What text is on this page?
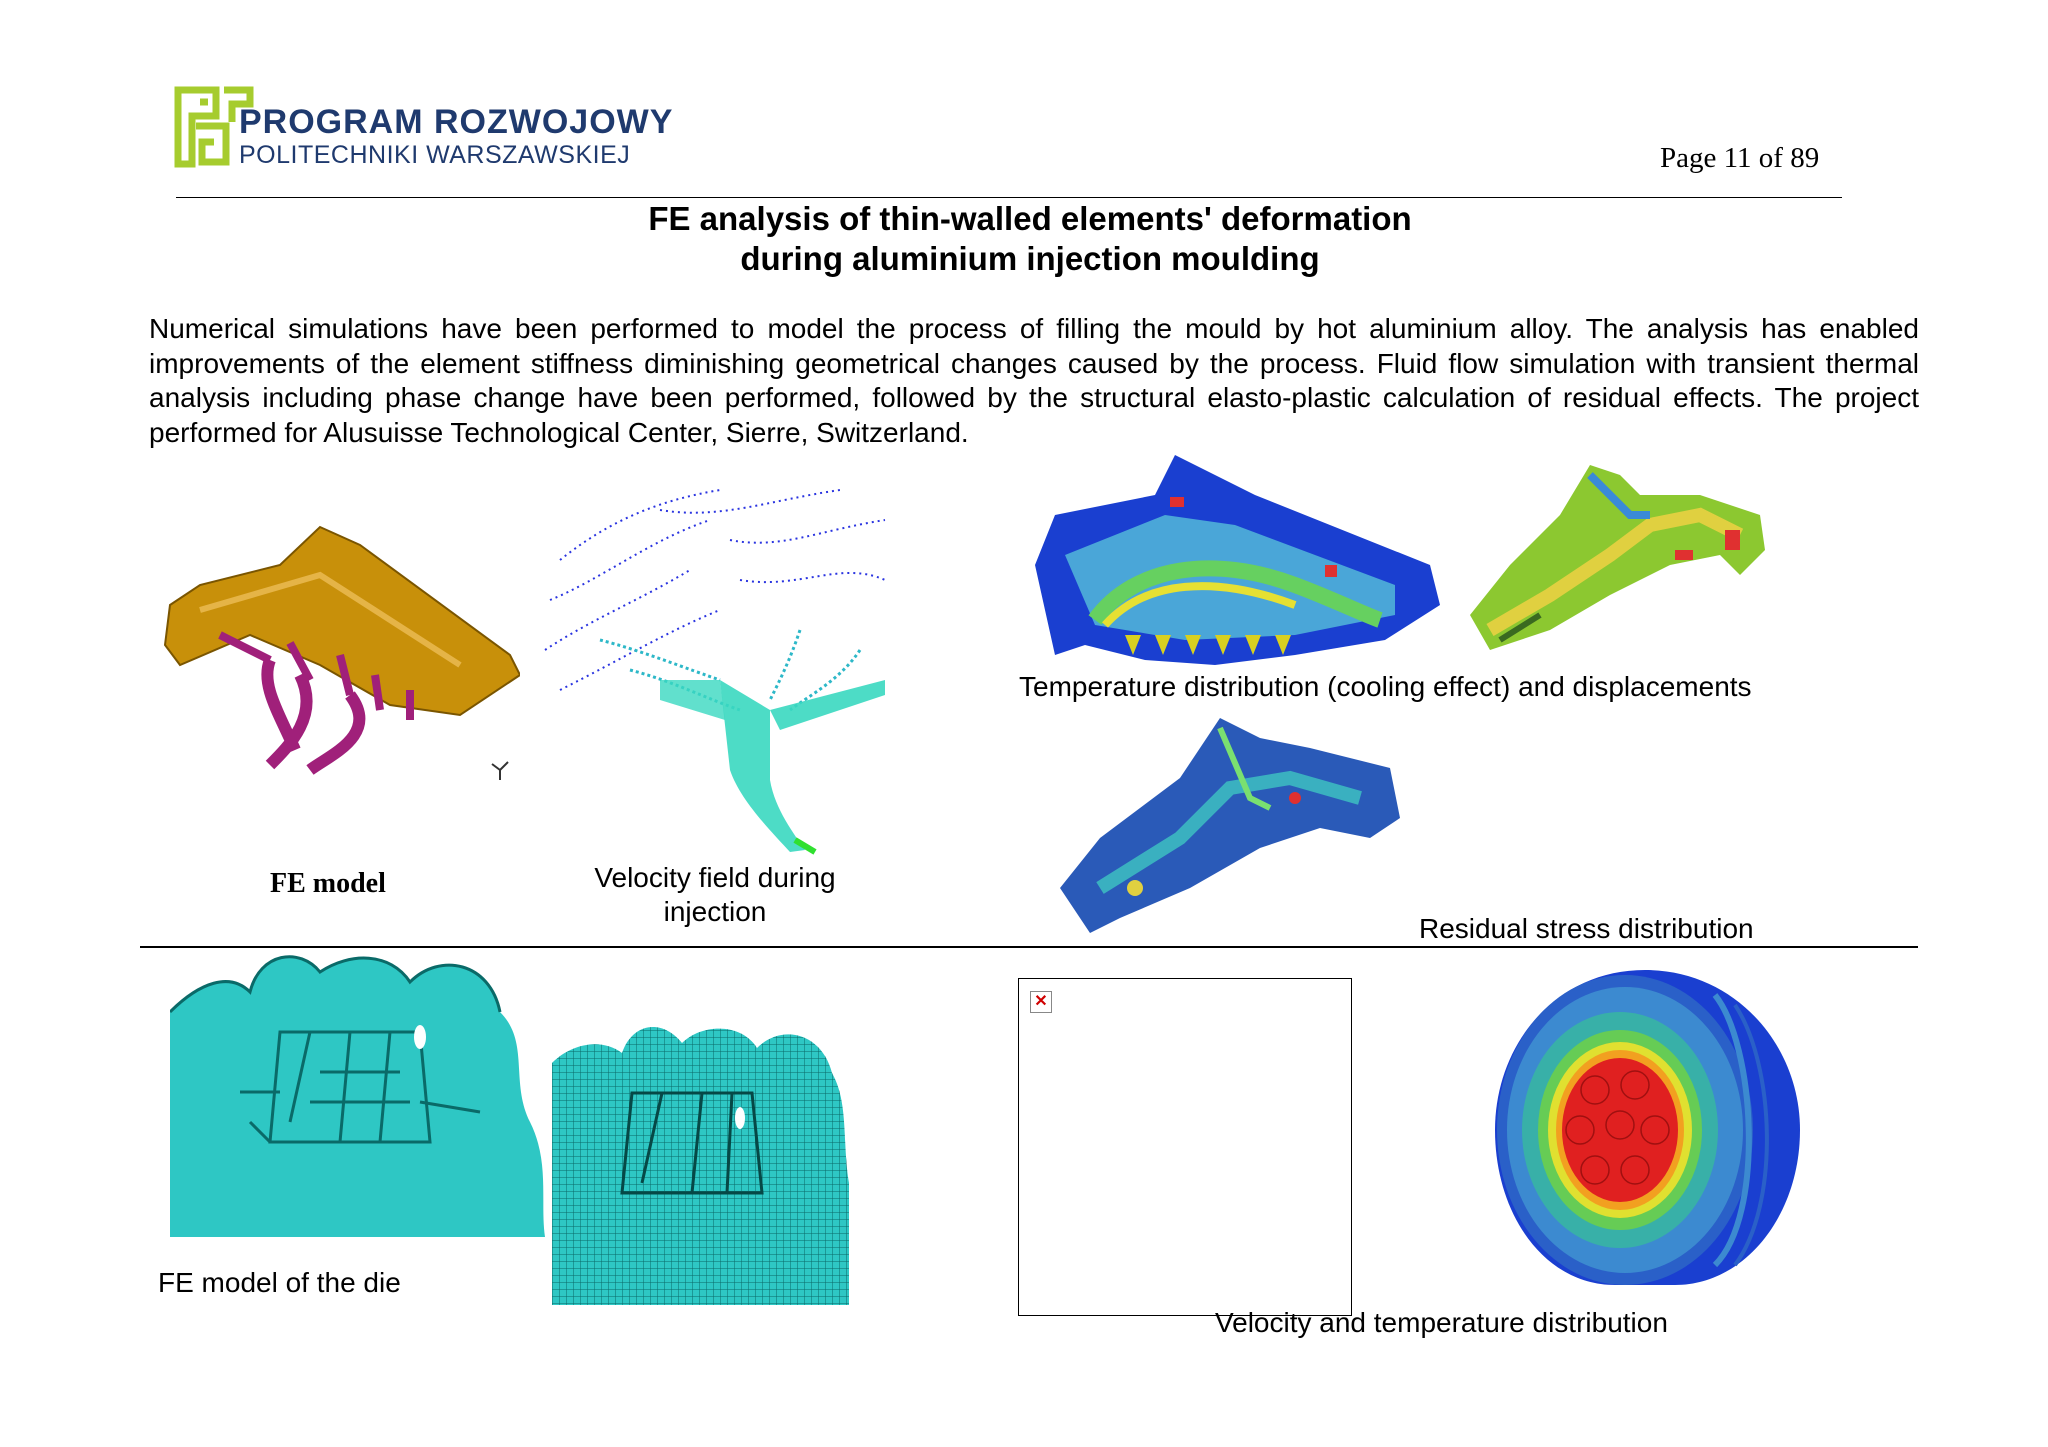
PROGRAM ROZWOJOWY
POLITECHNIKI WARSZAWSKIEJ	Page 11 of 89
FE analysis of thin-walled elements' deformation
during aluminium injection moulding
Numerical simulations have been performed to model the process of filling the mould by hot aluminium alloy. The analysis has enabled improvements of the element stiffness diminishing geometrical changes caused by the process. Fluid flow simulation with transient thermal analysis including phase change have been performed, followed by the structural elasto-plastic calculation of residual effects. The project performed for Alusuisse Technological Center, Sierre, Switzerland.
FE model	Velocity field during
injection
Temperature distribution (cooling effect) and displacements
Residual stress distribution
FE model of the die
✕
Velocity and temperature distribution
